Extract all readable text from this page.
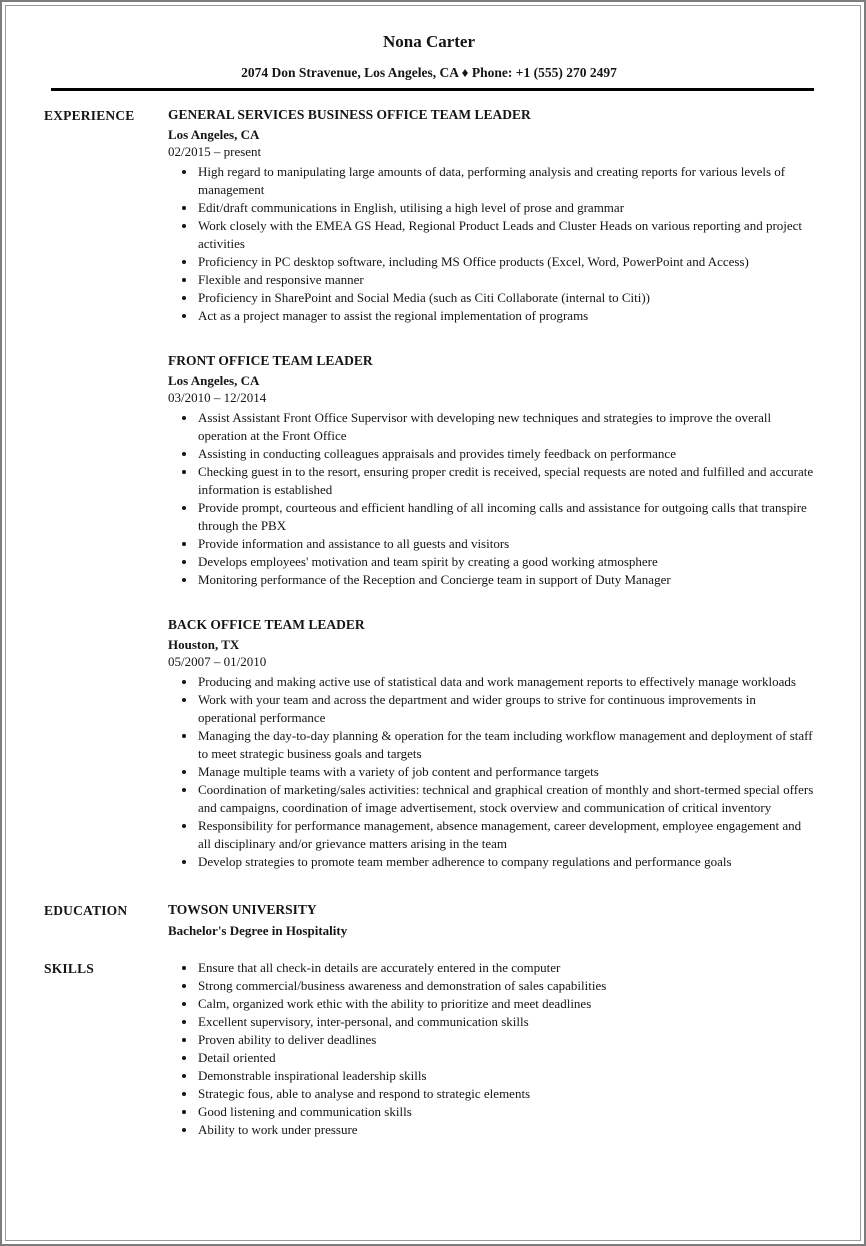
Nona Carter
2074 Don Stravenue, Los Angeles, CA ♦ Phone: +1 (555) 270 2497
EXPERIENCE	GENERAL SERVICES BUSINESS OFFICE TEAM LEADER
Los Angeles, CA
02/2015 – present
• High regard to manipulating large amounts of data, performing analysis and creating reports for various levels of management
• Edit/draft communications in English, utilising a high level of prose and grammar
• Work closely with the EMEA GS Head, Regional Product Leads and Cluster Heads on various reporting and project activities
• Proficiency in PC desktop software, including MS Office products (Excel, Word, PowerPoint and Access)
• Flexible and responsive manner
• Proficiency in SharePoint and Social Media (such as Citi Collaborate (internal to Citi))
• Act as a project manager to assist the regional implementation of programs
FRONT OFFICE TEAM LEADER
Los Angeles, CA
03/2010 – 12/2014
• Assist Assistant Front Office Supervisor with developing new techniques and strategies to improve the overall operation at the Front Office
• Assisting in conducting colleagues appraisals and provides timely feedback on performance
• Checking guest in to the resort, ensuring proper credit is received, special requests are noted and fulfilled and accurate information is established
• Provide prompt, courteous and efficient handling of all incoming calls and assistance for outgoing calls that transpire through the PBX
• Provide information and assistance to all guests and visitors
• Develops employees' motivation and team spirit by creating a good working atmosphere
• Monitoring performance of the Reception and Concierge team in support of Duty Manager
BACK OFFICE TEAM LEADER
Houston, TX
05/2007 – 01/2010
• Producing and making active use of statistical data and work management reports to effectively manage workloads
• Work with your team and across the department and wider groups to strive for continuous improvements in operational performance
• Managing the day-to-day planning & operation for the team including workflow management and deployment of staff to meet strategic business goals and targets
• Manage multiple teams with a variety of job content and performance targets
• Coordination of marketing/sales activities: technical and graphical creation of monthly and short-termed special offers and campaigns, coordination of image advertisement, stock overview and communication of critical inventory
• Responsibility for performance management, absence management, career development, employee engagement and all disciplinary and/or grievance matters arising in the team
• Develop strategies to promote team member adherence to company regulations and performance goals
EDUCATION	TOWSON UNIVERSITY
Bachelor's Degree in Hospitality
SKILLS	• Ensure that all check-in details are accurately entered in the computer
• Strong commercial/business awareness and demonstration of sales capabilities
• Calm, organized work ethic with the ability to prioritize and meet deadlines
• Excellent supervisory, inter-personal, and communication skills
• Proven ability to deliver deadlines
• Detail oriented
• Demonstrable inspirational leadership skills
• Strategic fous, able to analyse and respond to strategic elements
• Good listening and communication skills
• Ability to work under pressure
